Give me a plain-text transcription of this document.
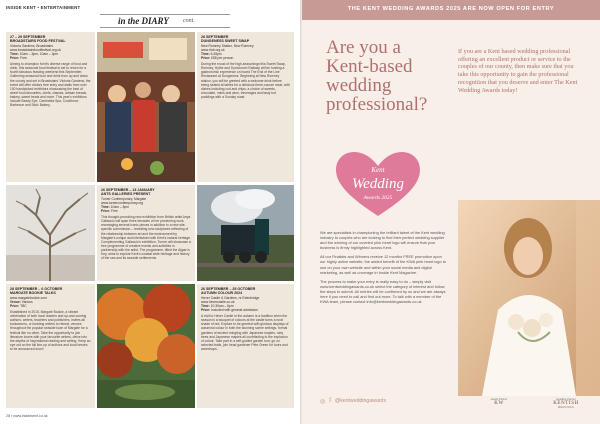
INSIDE KENT • ENTERTAINMENT
in the DIARY cont.
27 – 29 SEPTEMBER
BROADSTAIRS FOOD FESTIVAL
Victoria Gardens, Broadstairs
www.broadstairsfoodfestival.org.uk
Time: 10am – 6pm, 10am – 4pm
Price: Free
Aiming to champion Kent's diverse range of food and drink, this seasonal food festival is set to return for a fourth fabulous feasting weekend this September. Gathering seasonal food and drink from up and down the county and set in Broadstairs' Victoria Gardens, the event will offer visitors free entry and stalls from over 100 handpicked exhibitors showcasing the best of street food favourites, chefs, classes, artisan breads, bakery, sweet treats and more. This year's exhibitors include Beady Eye, Cantinetta Spa, Cockthrow Barbecue and Stoic Bakery.
28 SEPTEMBER
DUNGENESS SWEET SWAP
New Romney Station, New Romney
www.rhdr.org.uk
Time: 6.45pm
Price: £58 per person
During the mood of the high-seasonings this Sweet Swap, Romney, Hythe and Dymchurch Railway will be hosting a gastronomic experience on board The End of the Line Restaurant at Dungeness. Beginning at New Romney station, you will be greeted with a welcome drink before being seated at tables for a delicious three-course meal, with dishes including cod and chips, a choice of sweets, chocolate, mints and wine, beverages and tasty hot puddings with a Sunday roast.
26 SEPTEMBER – 13 JANUARY
ANTS GALLERIES PRESENT
Turner Contemporary, Margate
www.turnercontemporary.org
Time: 10am – 5pm
Price: Free
This thought-provoking new exhibition from British artist Anya Gallaccio will span three decades of her pioneering work, rearranging several iconic pieces in addition to a new site-specific commission – revealing new sculptures reflecting of the relationship between art and the environment by Margate's unique and intertwined with Kent's natural heritage. Complementing Gallaccio's exhibition, Turner will showcase a free programme of creative events and activities in partnership with the artist. The programme, titled the Algae is Key, aims to explore Kent's coastal wide heritage and history of the sea and its seaside settlements.
28 SEPTEMBER – 6 OCTOBER
MARGATE BOOKIE TALKS
www.margatebookie.com
Venue: Various
Price: TBC
Established in 2015, Margate Bookie, a vibrant celebration of both local readers and up-and-coming authors, writers, teachers and publishers, invites all bookworms, or budding writers to retreat, venues throughout the popular seaside town of Margate for a festival like no other. Take the opportunity to join literature lovers with your favourite writers, delve into the depths of inspirational reading and writing. Keep an eye out on the full line-up of authors and local heroes to be announced soon!
26 SEPTEMBER – 25 OCTOBER
AUTUMN COLOUR 2024
Hever Castle & Gardens, nr Edenbridge
www.hevercastle.co.uk
Time: 10.30am – 6pm
Price: Included with general admission
A visit to Hever Castle in the autumn is a tradition when the season is a bouquet of colours at the castle turns a rural shade of red. Explore to be greeted with glorious displays of autumnal colour in both the stunning scene settings, formal gardens of ancient mingling with Japanese maples, ruby trees and Japanese maples all contributing to the explosion of colour. Take part in a self-guided garden tour, go on selected trails, join head gardener Pete Green for tours and workshops.
28 • www.insidekent.co.uk
THE KENT WEDDING AWARDS 2025 ARE NOW OPEN FOR ENTRY
Are you a Kent-based wedding professional?
If you are a Kent based wedding professional offering an excellent product or service to the couples of our county, then make sure that you take this opportunity to gain the professional recognition that you deserve and enter The Kent Wedding Awards today!
Kent
Wedding
Awards 2025

We are specialists in championing the brilliant talent of the Kent wedding industry to couples who are looking to find their perfect wedding supplier and the winning of our coveted pink heart logo will ensure that your business is firmly highlighted across Kent.

All our Finalists and Winners receive 12 months FREE promotion upon our highly active website, the added benefit of the KWA pink heart logo to use on your own website and within your social media and digital marketing, as well as coverage in Inside Kent Magazine.

The process to make your entry is really easy to do – simply visit www.kentweddingawards.co.uk select the category of interest and follow the steps to submit. All entries will be confirmed by us and we are always here if you need to call and find out more. To talk with a member of the KWA team, please contact info@kentweddingawards.co.uk

◎ f @kentweddingawards	Award Partner
KW
Headline Partner
KENTISH
WEDDINGS
